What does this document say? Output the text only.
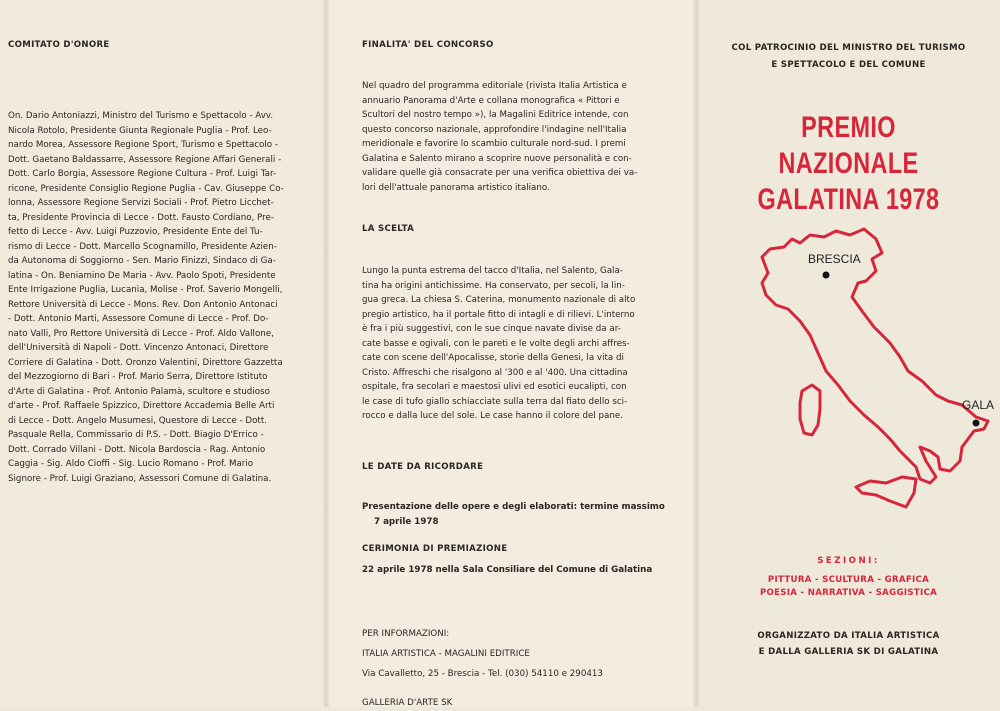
COMITATO D'ONORE
On. Dario Antoniazzi, Ministro del Turismo e Spettacolo - Avv.
Nicola Rotolo, Presidente Giunta Regionale Puglia - Prof. Leo-
nardo Morea, Assessore Regione Sport, Turismo e Spettacolo -
Dott. Gaetano Baldassarre, Assessore Regione Affari Generali -
Dott. Carlo Borgia, Assessore Regione Cultura - Prof. Luigi Tar-
ricone, Presidente Consiglio Regione Puglia - Cav. Giuseppe Co-
lonna, Assessore Regione Servizi Sociali - Prof. Pietro Licchet-
ta, Presidente Provincia di Lecce - Dott. Fausto Cordiano, Pre-
fetto di Lecce - Avv. Luigi Puzzovio, Presidente Ente del Tu-
rismo di Lecce - Dott. Marcello Scognamillo, Presidente Azien-
da Autonoma di Soggiorno - Sen. Mario Finizzi, Sindaco di Ga-
latina - On. Beniamino De Maria - Avv. Paolo Spoti, Presidente
Ente Irrigazione Puglia, Lucania, Molise - Prof. Saverio Mongelli,
Rettore Università di Lecce - Mons. Rev. Don Antonio Antonaci
- Dott. Antonio Marti, Assessore Comune di Lecce - Prof. Do-
nato Valli, Pro Rettore Università di Lecce - Prof. Aldo Vallone,
dell'Università di Napoli - Dott. Vincenzo Antonaci, Direttore
Corriere di Galatina - Dott. Oronzo Valentini, Direttore Gazzetta
del Mezzogiorno di Bari - Prof. Mario Serra, Direttore Istituto
d'Arte di Galatina - Prof. Antonio Palamà, scultore e studioso
d'arte - Prof. Raffaele Spizzico, Direttore Accademia Belle Arti
di Lecce - Dott. Angelo Musumesi, Questore di Lecce - Dott.
Pasquale Rella, Commissario di P.S. - Dott. Biagio D'Errico -
Dott. Corrado Villani - Dott. Nicola Bardoscia - Rag. Antonio
Caggia - Sig. Aldo Cioffi - Sig. Lucio Romano - Prof. Mario
Signore - Prof. Luigi Graziano, Assessori Comune di Galatina.
FINALITA' DEL CONCORSO
Nel quadro del programma editoriale (rivista Italia Artistica e
annuario Panorama d'Arte e collana monografica « Pittori e
Scultori del nostro tempo »), la Magalini Editrice intende, con
questo concorso nazionale, approfondire l'indagine nell'Italia
meridionale e favorire lo scambio culturale nord-sud. I premi
Galatina e Salento mirano a scoprire nuove personalità e con-
validare quelle già consacrate per una verifica obiettiva dei va-
lori dell'attuale panorama artistico italiano.
LA SCELTA
Lungo la punta estrema del tacco d'Italia, nel Salento, Gala-
tina ha origini antichissime. Ha conservato, per secoli, la lin-
gua greca. La chiesa S. Caterina, monumento nazionale di alto
pregio artistico, ha il portale fitto di intagli e di rilievi. L'interno
è fra i più suggestivi, con le sue cinque navate divise da ar-
cate basse e ogivali, con le pareti e le volte degli archi affres-
cate con scene dell'Apocalisse, storie della Genesi, la vita di
Cristo. Affreschi che risalgono al '300 e al '400. Una cittadina
ospitale, fra secolari e maestosi ulivi ed esotici eucalipti, con
le case di tufo giallo schiacciate sulla terra dal fiato dello sci-
rocco e dalla luce del sole. Le case hanno il colore del pane.
LE DATE DA RICORDARE
Presentazione delle opere e degli elaborati: termine massimo
7 aprile 1978
CERIMONIA DI PREMIAZIONE
22 aprile 1978 nella Sala Consiliare del Comune di Galatina
PER INFORMAZIONI:
ITALIA ARTISTICA - MAGALINI EDITRICE
Via Cavalletto, 25 - Brescia - Tel. (030) 54110 e 290413
GALLERIA D'ARTE SK
COL PATROCINIO DEL MINISTRO DEL TURISMO
E SPETTACOLO E DEL COMUNE
PREMIO NAZIONALE
GALATINA 1978
BRESCIA
GALA
SEZIONI:
PITTURA - SCULTURA - GRAFICA
POESIA - NARRATIVA - SAGGISTICA
ORGANIZZATO DA ITALIA ARTISTICA
E DALLA GALLERIA SK DI GALATINA
